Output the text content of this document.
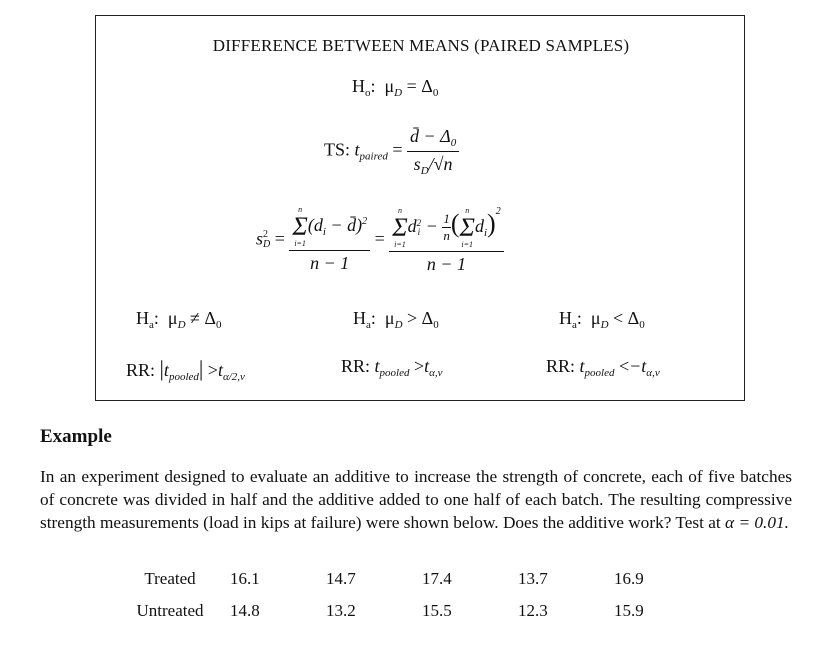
DIFFERENCE BETWEEN MEANS (PAIRED SAMPLES)
$H_o$: $\mu_D = \Delta_0$
TS: $t_{paired} = \frac{d̄ - \Delta_0}{s_D/√n}$
s 2
D = n
Σ
i=1
($d_i$ − d̄)$^2$
n − 1 = n
Σ
i=1
d 2
$i - \frac{1}{n}$ ( n
Σ
i=1
$d_i)^2$
n − 1
$H_a$:  $\mu_D \ne \Delta_0$	$H_a$:  $\mu_D > \Delta_0$	$H_a$:  $\mu_D < \Delta_0$
RR: $|t_{pooled}| >t_{\alpha/2,\nu}$
RR: $t_{pooled} >t_{\alpha,\nu}$	RR: $t_{pooled} <-t_{\alpha,\nu}$
Example
In an experiment designed to evaluate an additive to increase the strength of concrete, each of five batches of concrete was divided in half and the additive added to one half of each batch. The resulting compressive strength measurements (load in kips at failure) were shown below. Does the additive work? Test at α = 0.01.
Treated	16.1	14.7	17.4	13.7	16.9
Untreated	14.8	13.2	15.5	12.3	15.9
